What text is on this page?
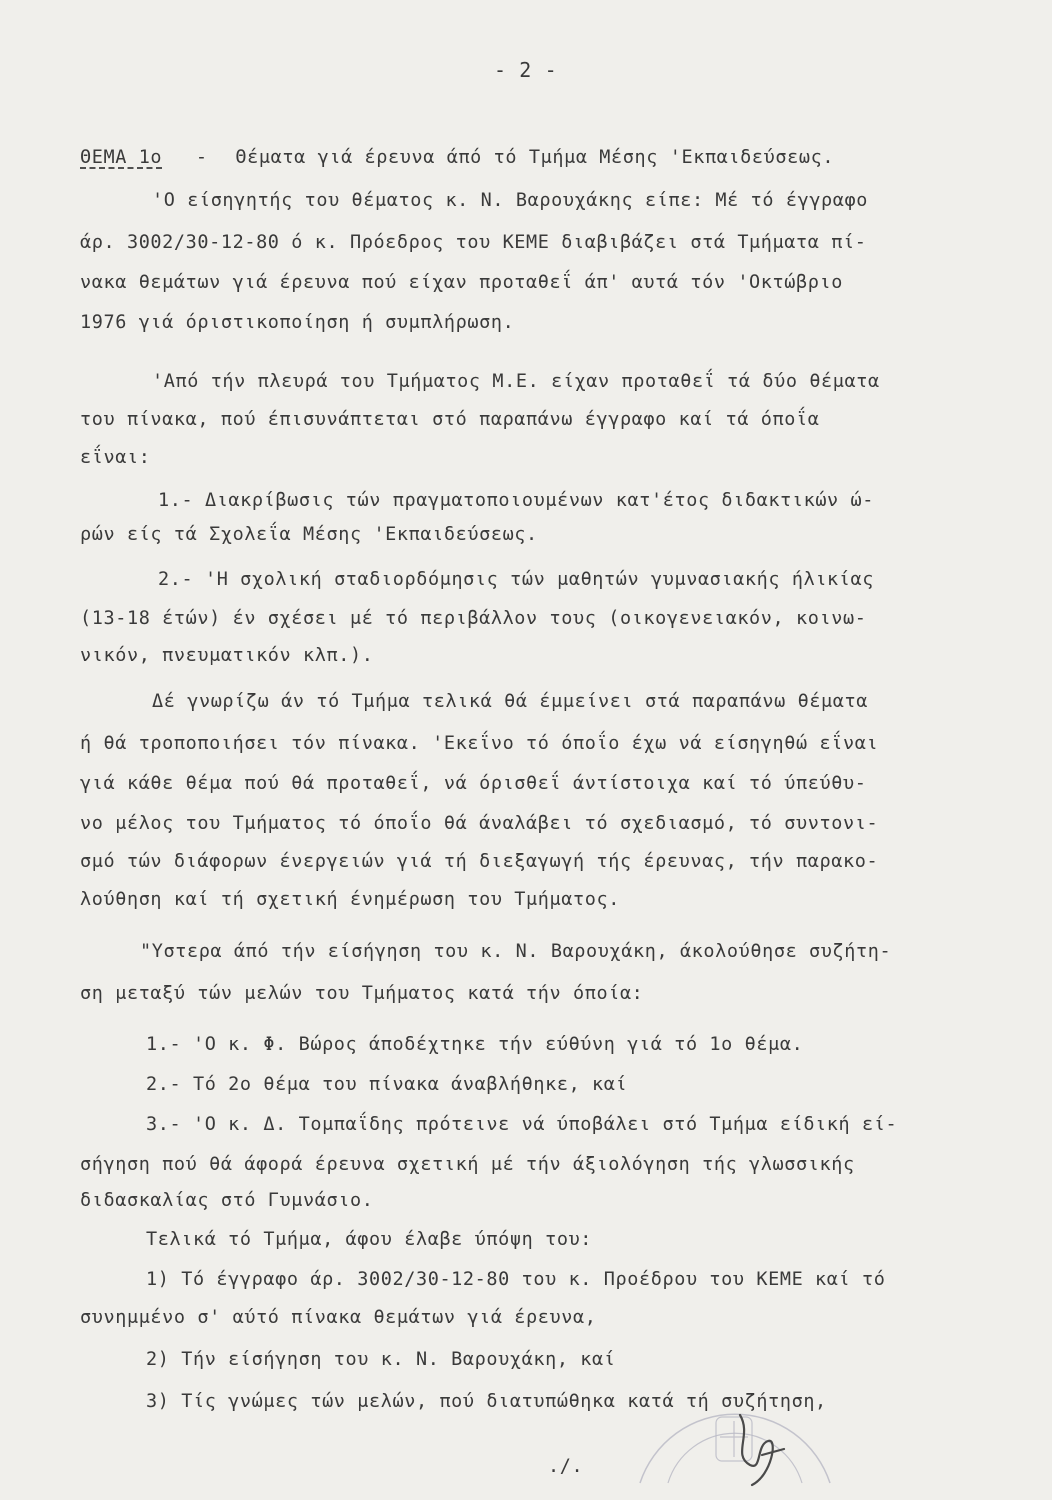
- 2 -
ΘΕΜΑ 1ο - Θέματα γιά έρευνα άπό τό Τμήμα Μέσης 'Εκπαιδεύσεως.
'Ο είσηγητής του θέματος κ. Ν. Βαρουχάκης είπε: Μέ τό έγγραφο
άρ. 3002/30-12-80 ό κ. Πρόεδρος του ΚΕΜΕ διαβιβάζει στά Τμήματα πί-
νακα θεμάτων γιά έρευνα πού είχαν προταθεΐ άπ' αυτά τόν 'Οκτώβριο
1976 γιά όριστικοποίηση ή συμπλήρωση.
'Από τήν πλευρά του Τμήματος Μ.Ε. είχαν προταθεΐ τά δύο θέματα
του πίνακα, πού έπισυνάπτεται στό παραπάνω έγγραφο καί τά όποΐα
εΐναι:
1.- Διακρίβωσις τών πραγματοποιουμένων κατ'έτος διδακτικών ώ-
ρών είς τά Σχολεΐα Μέσης 'Εκπαιδεύσεως.
2.- 'Η σχολική σταδιορδόμησις τών μαθητών γυμνασιακής ήλικίας
(13-18 έτών) έν σχέσει μέ τό περιβάλλον τους (οικογενειακόν, κοινω-
νικόν, πνευματικόν κλπ.).
Δέ γνωρίζω άν τό Τμήμα τελικά θά έμμείνει στά παραπάνω θέματα
ή θά τροποποιήσει τόν πίνακα. 'Εκεΐνο τό όποΐο έχω νά είσηγηθώ εΐναι
γιά κάθε θέμα πού θά προταθεΐ, νά όρισθεΐ άντίστοιχα καί τό ύπεύθυ-
νο μέλος του Τμήματος τό όποΐο θά άναλάβει τό σχεδιασμό, τό συντονι-
σμό τών διάφορων ένεργειών γιά τή διεξαγωγή τής έρευνας, τήν παρακο-
λούθηση καί τή σχετική ένημέρωση του Τμήματος.
"Υστερα άπό τήν είσήγηση του κ. Ν. Βαρουχάκη, άκολούθησε συζήτη-
ση μεταξύ τών μελών του Τμήματος κατά τήν όποία:
1.- 'Ο κ. Φ. Βώρος άποδέχτηκε τήν εύθύνη γιά τό 1ο θέμα.
2.- Τό 2ο θέμα του πίνακα άναβλήθηκε, καί
3.- 'Ο κ. Δ. Τομπαΐδης πρότεινε νά ύποβάλει στό Τμήμα είδική εί-
σήγηση πού θά άφορά έρευνα σχετική μέ τήν άξιολόγηση τής γλωσσικής
διδασκαλίας στό Γυμνάσιο.
Τελικά τό Τμήμα, άφου έλαβε ύπόψη του:
1) Τό έγγραφο άρ. 3002/30-12-80 του κ. Προέδρου του ΚΕΜΕ καί τό
συνημμένο σ' αύτό πίνακα θεμάτων γιά έρευνα,
2) Τήν είσήγηση του κ. Ν. Βαρουχάκη, καί
3) Τίς γνώμες τών μελών, πού διατυπώθηκα κατά τή συζήτηση,
./.
